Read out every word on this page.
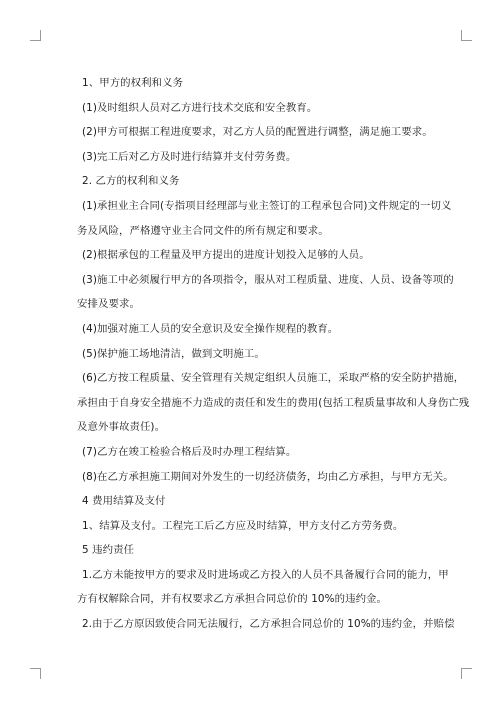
1、甲方的权利和义务

(1)及时组织人员对乙方进行技术交底和安全教育。

(2)甲方可根据工程进度要求，对乙方人员的配置进行调整，满足施工要求。

(3)完工后对乙方及时进行结算并支付劳务费。

2. 乙方的权利和义务

(1)承担业主合同(专指项目经理部与业主签订的工程承包合同)文件规定的一切义

务及风险，严格遵守业主合同文件的所有规定和要求。

(2)根据承包的工程量及甲方提出的进度计划投入足够的人员。

(3)施工中必须履行甲方的各项指令，服从对工程质量、进度、人员、设备等项的

安排及要求。

(4)加强对施工人员的安全意识及安全操作规程的教育。

(5)保护施工场地清洁，做到文明施工。

(6)乙方按工程质量、安全管理有关规定组织人员施工，采取严格的安全防护措施，

承担由于自身安全措施不力造成的责任和发生的费用(包括工程质量事故和人身伤亡残

及意外事故责任)。

(7)乙方在竣工检验合格后及时办理工程结算。

(8)在乙方承担施工期间对外发生的一切经济债务，均由乙方承担，与甲方无关。

4 费用结算及支付

1、结算及支付。工程完工后乙方应及时结算，甲方支付乙方劳务费。

5 违约责任

1.乙方未能按甲方的要求及时进场或乙方投入的人员不具备履行合同的能力，甲

方有权解除合同，并有权要求乙方承担合同总价的 10%的违约金。

2.由于乙方原因致使合同无法履行，乙方承担合同总价的 10%的违约金，并赔偿
